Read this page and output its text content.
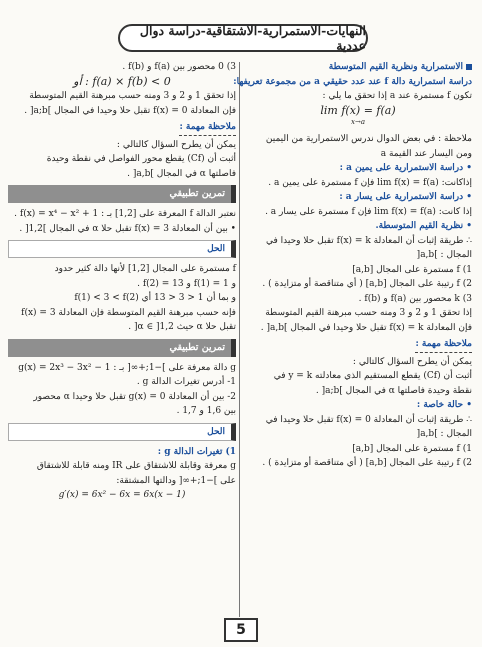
النهايات-الاستمرارية-الاشتقاقية-دراسة دوال عددية
الاستمرارية ونظرية القيم المتوسطة
دراسة استمرارية دالة f عند عدد حقيقي a من مجموعة تعريفها:
تكون f مستمرة عند a إذا تحقق ما يلي :
lim f(x) = f(a)
x→a
ملاحظة : في بعض الدوال ندرس الاستمرارية من اليمين
ومن اليسار عند القيمة a
• دراسة الاستمرارية على يمين a :
إذاكانت: lim f(x) = f(a) فإن f مستمرة على يمين a .
• دراسة الاستمرارية على يسار a :
إذا كانت: lim f(x) = f(a) فإن f مستمرة على يسار a .
• نظرية القيم المتوسطة.
∴ طريقة إثبات أن المعادلة f(x) = k تقبل حلا وحيدا في
المجال : ]a,b[
1) f مستمرة على المجال [a,b]
2) f رتيبة على المجال [a,b] ( أي متناقصة أو متزايدة ) .
3) k محصور بين f(a) و f(b) .
إذا تحقق 1 و 2 و 3 ومنه حسب مبرهنة القيم المتوسطة
فإن المعادلة f(x) = k تقبل حلا وحيدا في المجال ]a,b[ .
ملاحظة مهمة :
يمكن أن يطرح السؤال كالتالي :
أثبت أن (Cf) يقطع المستقيم الذي معادلته y = k في
نقطة وحيدة فاصلتها α في المجال ]a;b[ .
• حالة خاصة :
∴ طريقة إثبات أن المعادلة f(x) = 0 تقبل حلا وحيدا في
المجال : ]a,b[
1) f مستمرة على المجال [a,b]
2) f رتيبة على المجال [a,b] ( أي متناقصة أو متزايدة ) .
3) 0 محصور بين f(a) و f(b) .
أو : f(a) × f(b) < 0
إذا تحقق 1 و 2 و 3 ومنه حسب مبرهنة القيم المتوسطة
فإن المعادلة f(x) = 0 تقبل حلا وحيدا في المجال ]a;b[ .
ملاحظة مهمة :
يمكن أن يطرح السؤال كالتالي :
أثبت أن (Cf) يقطع محور الفواصل في نقطة وحيدة
فاصلتها α في المجال ]a,b[ .
تمرين تطبيقي
نعتبر الدالة f المعرفة على [1,2] بـ : f(x) = x⁴ − x² + 1 .
• بين أن المعادلة f(x) = 3 تقبل حلا α في المجال ]1,2[ .
الحل
f مستمرة على المجال [1,2] لأنها دالة كثير حدود
و f(1) = 1 و f(2) = 13 .
و بما أن 1 < 3 < 13 أي f(1) < 3 < f(2)
فإنه حسب مبرهنة القيم المتوسطة فإن المعادلة f(x) = 3
تقبل حلا α حيث α ∈ ]1,2[ .
تمرين تطبيقي
g دالة معرفة على ]−1;+∞[ بـ : g(x) = 2x³ − 3x² − 1
1- أدرس تغيرات الدالة g .
2- بين أن المعادلة g(x) = 0 تقبل حلا وحيدا α محصور
بين 1,6 و 1,7 .
الحل
1) تغيرات الدالة g :
g معرفة وقابلة للاشتقاق على IR ومنه قابلة للاشتقاق
على ]−1;+∞[ ودالتها المشتقة:
g′(x) = 6x² − 6x = 6x(x − 1)
5
